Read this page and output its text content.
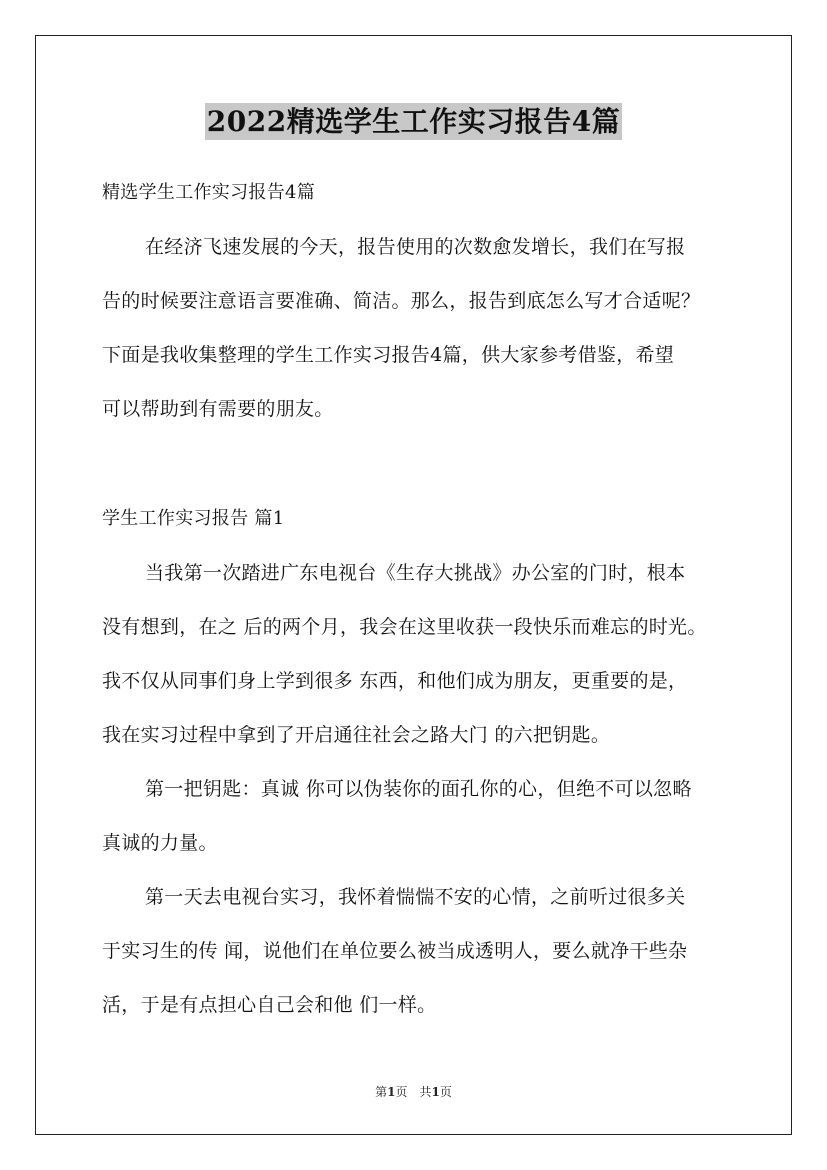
2022精选学生工作实习报告4篇

精选学生工作实习报告4篇

在经济飞速发展的今天，报告使用的次数愈发增长，我们在写报

告的时候要注意语言要准确、简洁。那么，报告到底怎么写才合适呢？

下面是我收集整理的学生工作实习报告4篇，供大家参考借鉴，希望

可以帮助到有需要的朋友。

学生工作实习报告 篇1

当我第一次踏进广东电视台《生存大挑战》办公室的门时，根本

没有想到，在之 后的两个月，我会在这里收获一段快乐而难忘的时光。

我不仅从同事们身上学到很多 东西，和他们成为朋友，更重要的是，

我在实习过程中拿到了开启通往社会之路大门 的六把钥匙。

第一把钥匙：真诚 你可以伪装你的面孔你的心，但绝不可以忽略

真诚的力量。

第一天去电视台实习，我怀着惴惴不安的心情，之前听过很多关

于实习生的传 闻，说他们在单位要么被当成透明人，要么就净干些杂

活，于是有点担心自己会和他 们一样。

第1页　共1页
